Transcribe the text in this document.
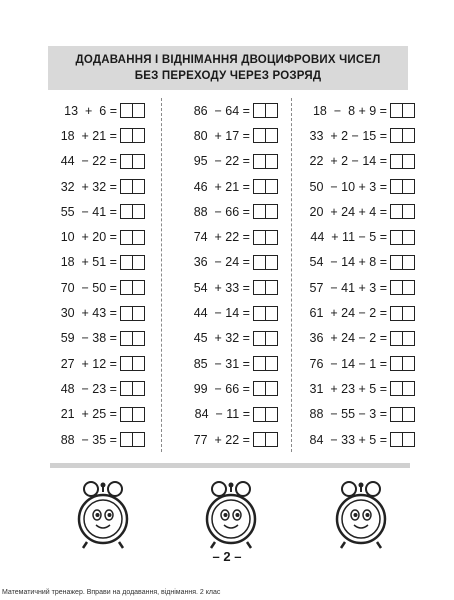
ДОДАВАННЯ І ВІДНІМАННЯ ДВОЦИФРОВИХ ЧИСЕЛ
БЕЗ ПЕРЕХОДУ ЧЕРЕЗ РОЗРЯД
13  +  6 =
18  + 21 =
44  − 22 =
32  + 32 =
55  − 41 =
10  + 20 =
18  + 51 =
70  − 50 =
30  + 43 =
59  − 38 =
27  + 12 =
48  − 23 =
21  + 25 =
88  − 35 =
86  − 64 =
80  + 17 =
95  − 22 =
46  + 21 =
88  − 66 =
74  + 22 =
36  − 24 =
54  + 33 =
44  − 14 =
45  + 32 =
85  − 31 =
99  − 66 =
84  − 11 =
77  + 22 =
18  −  8 + 9 =
33  + 2 − 15 =
22  + 2 − 14 =
50  − 10 + 3 =
20  + 24 + 4 =
44  + 11 − 5 =
54  − 14 + 8 =
57  − 41 + 3 =
61  + 24 − 2 =
36  + 24 − 2 =
76  − 14 − 1 =
31  + 23 + 5 =
88  − 55 − 3 =
84  − 33 + 5 =
– 2 –
Математичний тренажер. Вправи на додавання, віднімання. 2 клас
